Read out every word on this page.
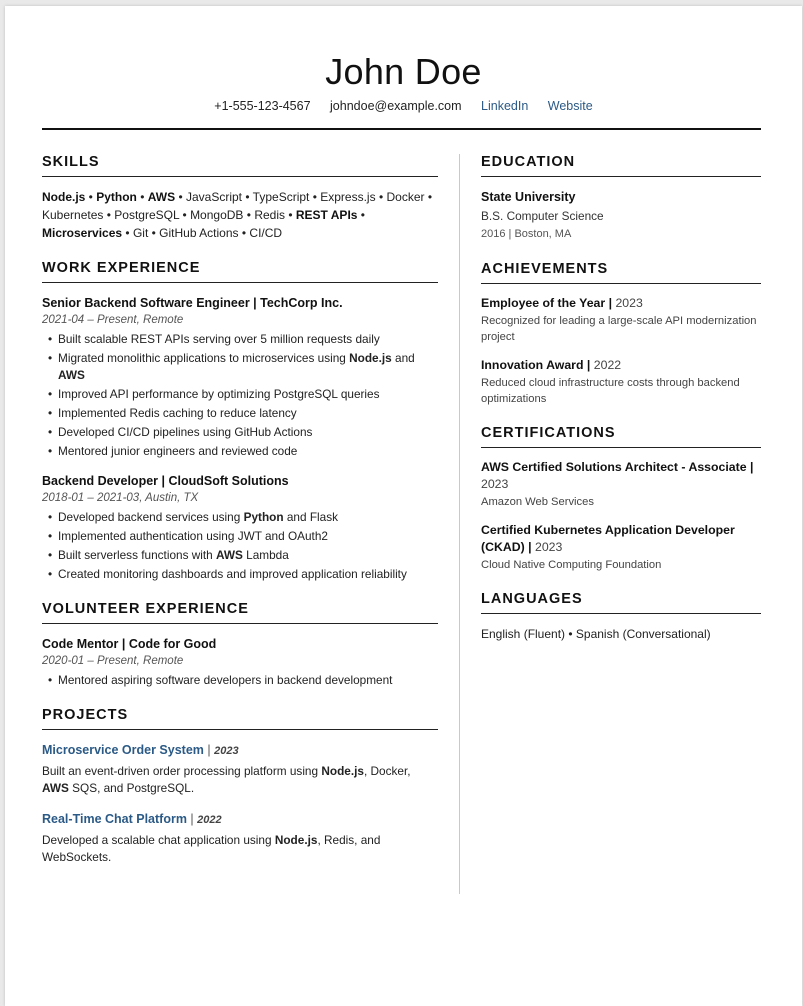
John Doe
+1-555-123-4567 johndoe@example.com LinkedIn Website
SKILLS
Node.js • Python • AWS • JavaScript • TypeScript • Express.js • Docker • Kubernetes • PostgreSQL • MongoDB • Redis • REST APIs • Microservices • Git • GitHub Actions • CI/CD
WORK EXPERIENCE
Senior Backend Software Engineer | TechCorp Inc.
2021-04 – Present, Remote
• Built scalable REST APIs serving over 5 million requests daily
• Migrated monolithic applications to microservices using Node.js and AWS
• Improved API performance by optimizing PostgreSQL queries
• Implemented Redis caching to reduce latency
• Developed CI/CD pipelines using GitHub Actions
• Mentored junior engineers and reviewed code
Backend Developer | CloudSoft Solutions
2018-01 – 2021-03, Austin, TX
• Developed backend services using Python and Flask
• Implemented authentication using JWT and OAuth2
• Built serverless functions with AWS Lambda
• Created monitoring dashboards and improved application reliability
VOLUNTEER EXPERIENCE
Code Mentor | Code for Good
2020-01 – Present, Remote
• Mentored aspiring software developers in backend development
PROJECTS
Microservice Order System | 2023
Built an event-driven order processing platform using Node.js, Docker, AWS SQS, and PostgreSQL.
Real-Time Chat Platform | 2022
Developed a scalable chat application using Node.js, Redis, and WebSockets.
EDUCATION
State University
B.S. Computer Science
2016 | Boston, MA
ACHIEVEMENTS
Employee of the Year | 2023
Recognized for leading a large-scale API modernization project
Innovation Award | 2022
Reduced cloud infrastructure costs through backend optimizations
CERTIFICATIONS
AWS Certified Solutions Architect - Associate | 2023
Amazon Web Services
Certified Kubernetes Application Developer (CKAD) | 2023
Cloud Native Computing Foundation
LANGUAGES
English (Fluent) • Spanish (Conversational)
